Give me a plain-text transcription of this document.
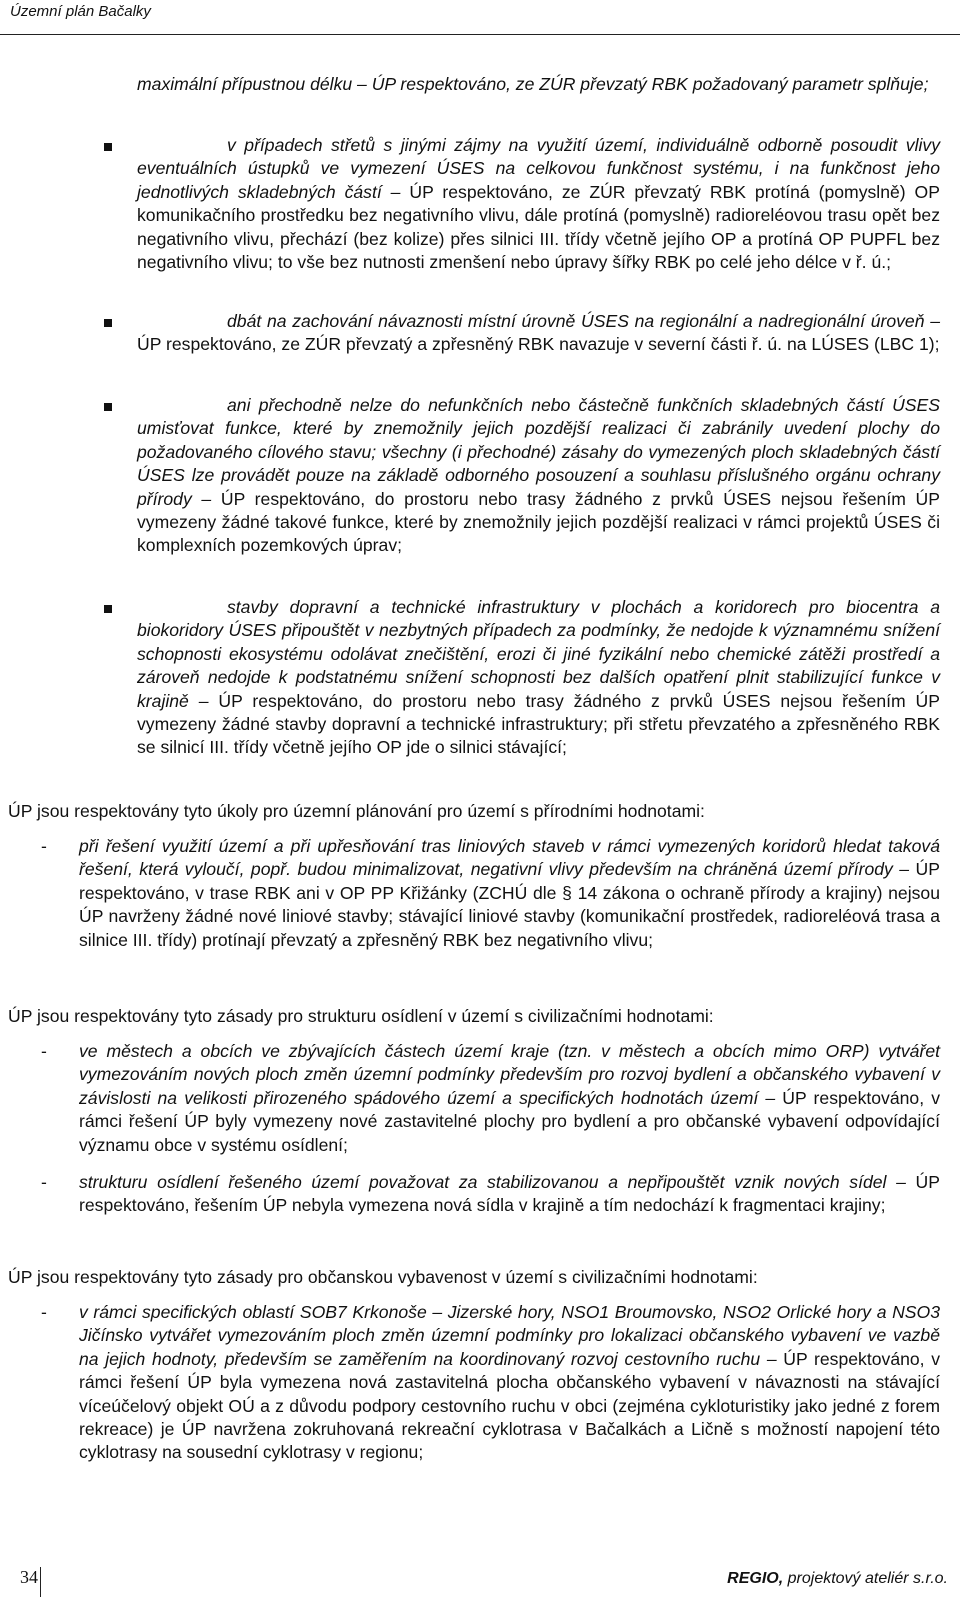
Územní plán Bačalky
maximální přípustnou délku – ÚP respektováno, ze ZÚR převzatý RBK požadovaný parametr splňuje;
v případech střetů s jinými zájmy na využití území, individuálně odborně posoudit vlivy eventuálních ústupků ve vymezení ÚSES na celkovou funkčnost systému, i na funkčnost jeho jednotlivých skladebných částí – ÚP respektováno, ze ZÚR převzatý RBK protíná (pomyslně) OP komunikačního prostředku bez negativního vlivu, dále protíná (pomyslně) radioreléovou trasu opět bez negativního vlivu, přechází (bez kolize) přes silnici III. třídy včetně jejího OP a protíná OP PUPFL bez negativního vlivu; to vše bez nutnosti zmenšení nebo úpravy šířky RBK po celé jeho délce v ř. ú.;
dbát na zachování návaznosti místní úrovně ÚSES na regionální a nadregionální úroveň – ÚP respektováno, ze ZÚR převzatý a zpřesněný RBK navazuje v severní části ř. ú. na LÚSES (LBC 1);
ani přechodně nelze do nefunkčních nebo částečně funkčních skladebných částí ÚSES umisťovat funkce, které by znemožnily jejich pozdější realizaci či zabránily uvedení plochy do požadovaného cílového stavu; všechny (i přechodné) zásahy do vymezených ploch skladebných částí ÚSES lze provádět pouze na základě odborného posouzení a souhlasu příslušného orgánu ochrany přírody – ÚP respektováno, do prostoru nebo trasy žádného z prvků ÚSES nejsou řešením ÚP vymezeny žádné takové funkce, které by znemožnily jejich pozdější realizaci v rámci projektů ÚSES či komplexních pozemkových úprav;
stavby dopravní a technické infrastruktury v plochách a koridorech pro biocentra a biokoridory ÚSES připouštět v nezbytných případech za podmínky, že nedojde k významnému snížení schopnosti ekosystému odolávat znečištění, erozi či jiné fyzikální nebo chemické zátěži prostředí a zároveň nedojde k podstatnému snížení schopnosti bez dalších opatření plnit stabilizující funkce v krajině – ÚP respektováno, do prostoru nebo trasy žádného z prvků ÚSES nejsou řešením ÚP vymezeny žádné stavby dopravní a technické infrastruktury; při střetu převzatého a zpřesněného RBK se silnicí III. třídy včetně jejího OP jde o silnici stávající;
ÚP jsou respektovány tyto úkoly pro územní plánování pro území s přírodními hodnotami:
- při řešení využití území a při upřesňování tras liniových staveb v rámci vymezených koridorů hledat taková řešení, která vyloučí, popř. budou minimalizovat, negativní vlivy především na chráněná území přírody – ÚP respektováno, v trase RBK ani v OP PP Křižánky (ZCHÚ dle § 14 zákona o ochraně přírody a krajiny) nejsou ÚP navrženy žádné nové liniové stavby; stávající liniové stavby (komunikační prostředek, radioreléová trasa a silnice III. třídy) protínají převzatý a zpřesněný RBK bez negativního vlivu;
ÚP jsou respektovány tyto zásady pro strukturu osídlení v území s civilizačními hodnotami:
- ve městech a obcích ve zbývajících částech území kraje (tzn. v městech a obcích mimo ORP) vytvářet vymezováním nových ploch změn územní podmínky především pro rozvoj bydlení a občanského vybavení v závislosti na velikosti přirozeného spádového území a specifických hodnotách území – ÚP respektováno, v rámci řešení ÚP byly vymezeny nové zastavitelné plochy pro bydlení a pro občanské vybavení odpovídající významu obce v systému osídlení;
- strukturu osídlení řešeného území považovat za stabilizovanou a nepřipouštět vznik nových sídel – ÚP respektováno, řešením ÚP nebyla vymezena nová sídla v krajině a tím nedochází k fragmentaci krajiny;
ÚP jsou respektovány tyto zásady pro občanskou vybavenost v území s civilizačními hodnotami:
- v rámci specifických oblastí SOB7 Krkonoše – Jizerské hory, NSO1 Broumovsko, NSO2 Orlické hory a NSO3 Jičínsko vytvářet vymezováním ploch změn územní podmínky pro lokalizaci občanského vybavení ve vazbě na jejich hodnoty, především se zaměřením na koordinovaný rozvoj cestovního ruchu – ÚP respektováno, v rámci řešení ÚP byla vymezena nová zastavitelná plocha občanského vybavení v návaznosti na stávající víceúčelový objekt OÚ a z důvodu podpory cestovního ruchu v obci (zejména cykloturistiky jako jedné z forem rekreace) je ÚP navržena zokruhovaná rekreační cyklotrasa v Bačalkách a Ličně s možností napojení této cyklotrasy na sousední cyklotrasy v regionu;
34	REGIO, projektový ateliér s.r.o.
